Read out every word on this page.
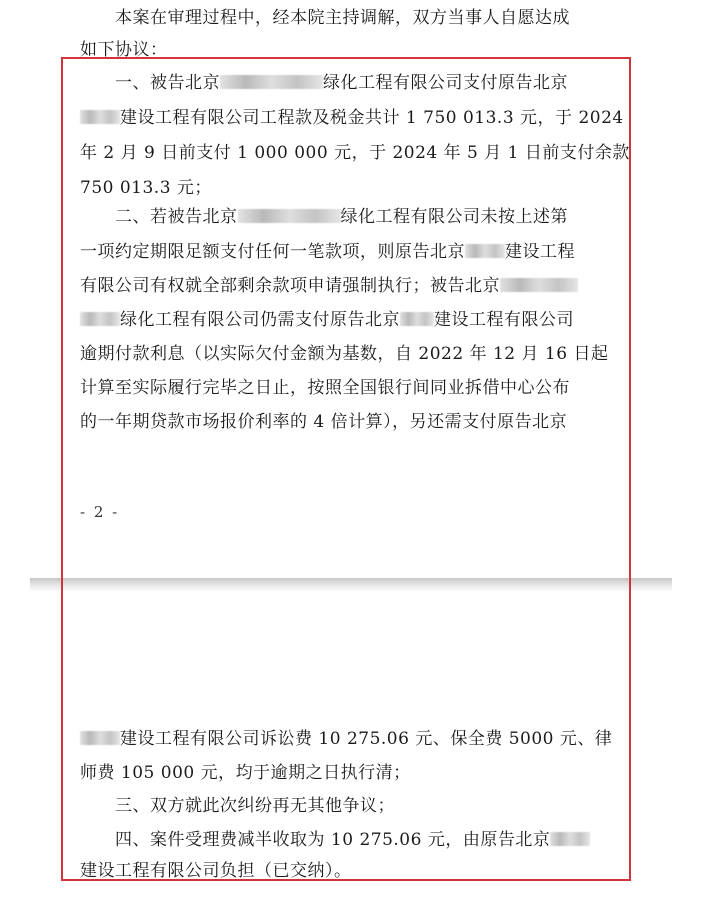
　　本案在审理过程中，经本院主持调解，双方当事人自愿达成
如下协议：
　　一、被告北京	绿化工程有限公司支付原告北京
建设工程有限公司工程款及税金共计 1 750 013.3 元，于 2024
年 2 月 9 日前支付 1 000 000 元，于 2024 年 5 月 1 日前支付余款
750 013.3 元；
　　二、若被告北京	绿化工程有限公司未按上述第
一项约定期限足额支付任何一笔款项，则原告北京 建设工程
有限公司有权就全部剩余款项申请强制执行；被告北京
绿化工程有限公司仍需支付原告北京 建设工程有限公司
逾期付款利息（以实际欠付金额为基数，自 2022 年 12 月 16 日起
计算至实际履行完毕之日止，按照全国银行间同业拆借中心公布
的一年期贷款市场报价利率的 4 倍计算），另还需支付原告北京
- 2 -
建设工程有限公司诉讼费 10 275.06 元、保全费 5000 元、律
师费 105 000 元，均于逾期之日执行清；
　　三、双方就此次纠纷再无其他争议；
　　四、案件受理费减半收取为 10 275.06 元，由原告北京
建设工程有限公司负担（已交纳）。
